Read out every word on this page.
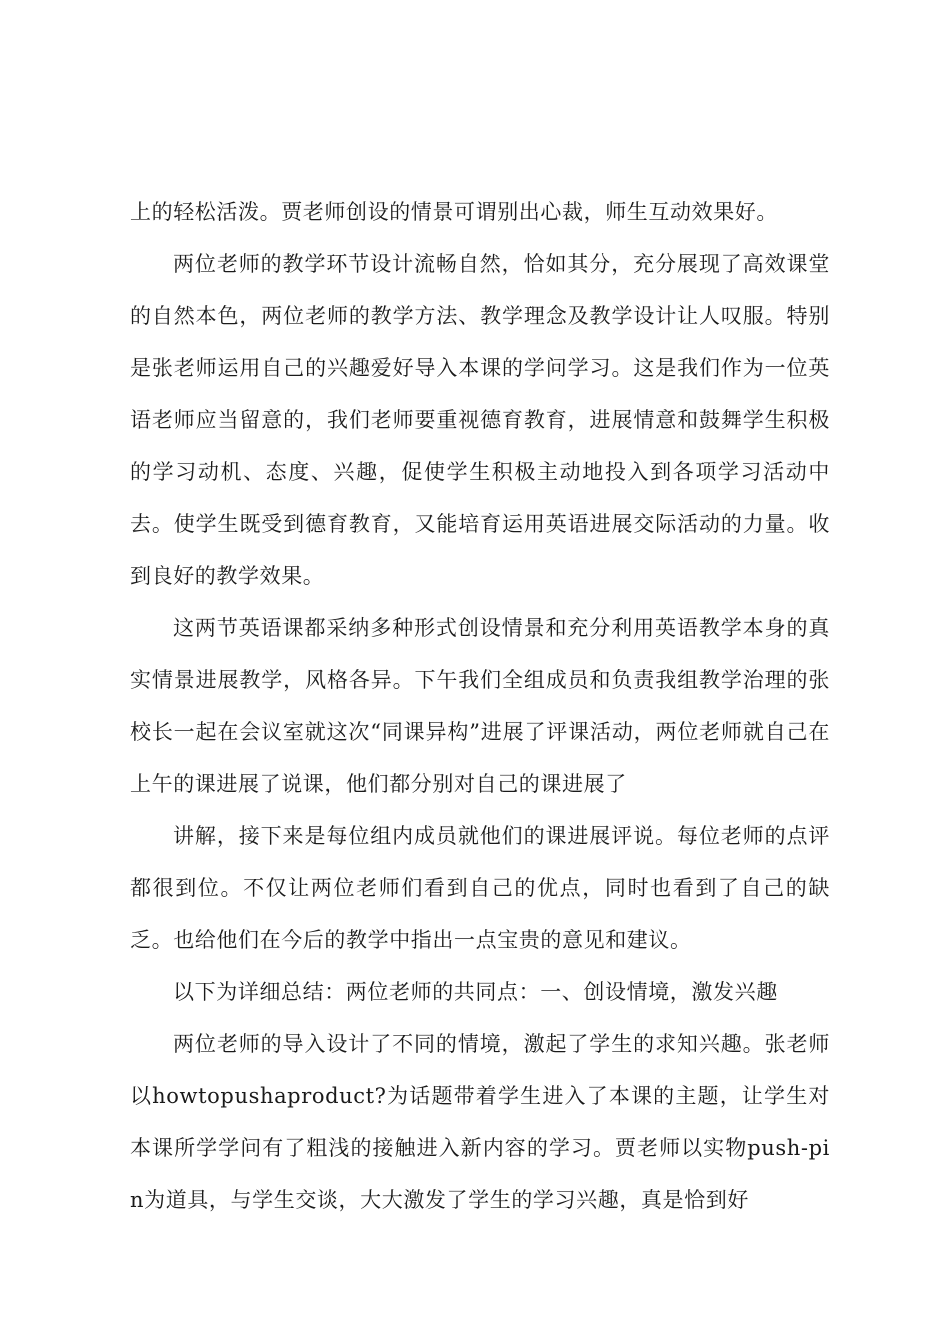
上的轻松活泼。贾老师创设的情景可谓别出心裁，师生互动效果好。

两位老师的教学环节设计流畅自然，恰如其分，充分展现了高效课堂的自然本色，两位老师的教学方法、教学理念及教学设计让人叹服。特别是张老师运用自己的兴趣爱好导入本课的学问学习。这是我们作为一位英语老师应当留意的，我们老师要重视德育教育，进展情意和鼓舞学生积极的学习动机、态度、兴趣，促使学生积极主动地投入到各项学习活动中去。使学生既受到德育教育，又能培育运用英语进展交际活动的力量。收到良好的教学效果。

这两节英语课都采纳多种形式创设情景和充分利用英语教学本身的真实情景进展教学，风格各异。下午我们全组成员和负责我组教学治理的张校长一起在会议室就这次“同课异构”进展了评课活动，两位老师就自己在上午的课进展了说课，他们都分别对自己的课进展了

讲解，接下来是每位组内成员就他们的课进展评说。每位老师的点评都很到位。不仅让两位老师们看到自己的优点，同时也看到了自己的缺乏。也给他们在今后的教学中指出一点宝贵的意见和建议。

以下为详细总结：两位老师的共同点：一、创设情境，激发兴趣

两位老师的导入设计了不同的情境，激起了学生的求知兴趣。张老师以howtopushaproduct?为话题带着学生进入了本课的主题，让学生对本课所学学问有了粗浅的接触进入新内容的学习。贾老师以实物push-pin为道具，与学生交谈，大大激发了学生的学习兴趣，真是恰到好
